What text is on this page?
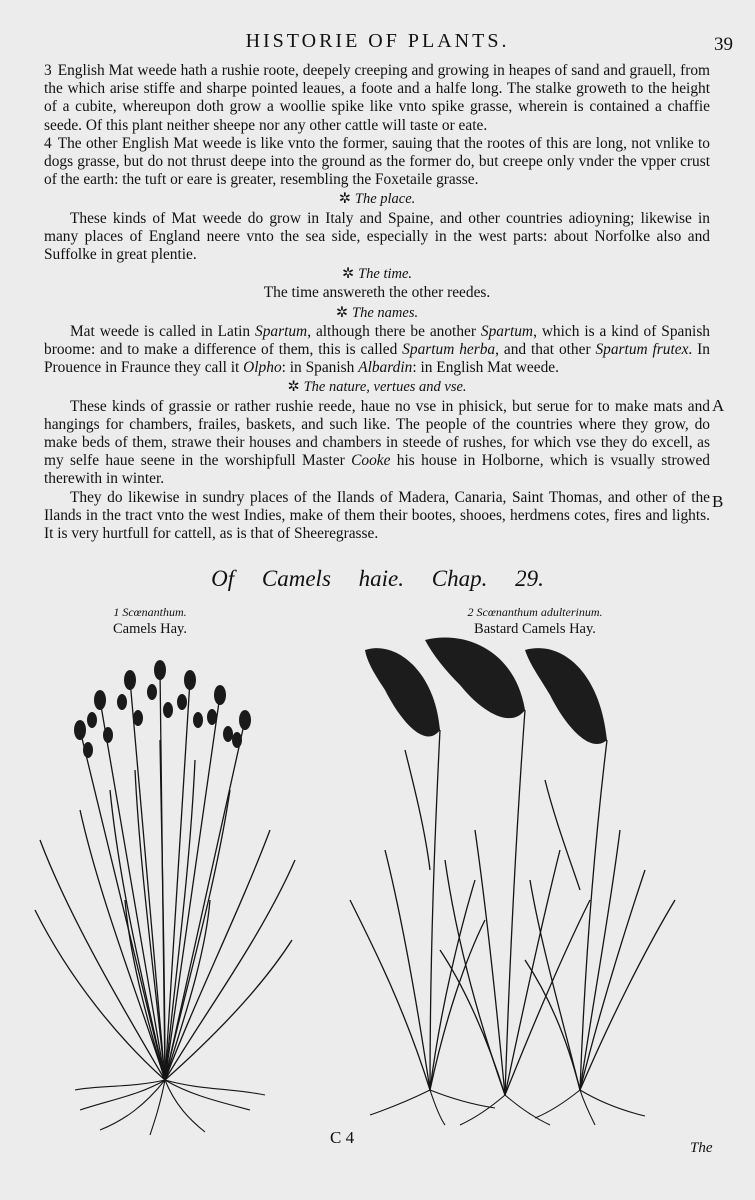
HISTORIE OF PLANTS.	39

3 English Mat weede hath a rushie roote, deepely creeping and growing in heapes of sand and grauell, from the which arise stiffe and sharpe pointed leaues, a foote and a halfe long. The stalke groweth to the height of a cubite, whereupon doth grow a woollie spike like vnto spike grasse, wherein is contained a chaffie seede. Of this plant neither sheepe nor any other cattle will taste or eate.

4 The other English Mat weede is like vnto the former, sauing that the rootes of this are long, not vnlike to dogs grasse, but do not thrust deepe into the ground as the former do, but creepe only vnder the vpper crust of the earth: the tuft or eare is greater, resembling the Foxetaile grasse.

✲ The place.

These kinds of Mat weede do grow in Italy and Spaine, and other countries adioyning; likewise in many places of England neere vnto the sea side, especially in the west parts: about Norfolke also and Suffolke in great plentie.

✲ The time.

The time answereth the other reedes.

✲ The names.

Mat weede is called in Latin Spartum, although there be another Spartum, which is a kind of Spanish broome: and to make a difference of them, this is called Spartum herba, and that other Spartum frutex. In Prouence in Fraunce they call it Olpho: in Spanish Albardin: in English Mat weede.

✲ The nature, vertues and vse.

These kinds of grassie or rather rushie reede, haue no vse in phisick, but serue for to make mats and hangings for chambers, frailes, baskets, and such like. The people of the countries where they grow, do make beds of them, strawe their houses and chambers in steede of rushes, for which vse they do excell, as my selfe haue seene in the worshipfull Master Cooke his house in Holborne, which is vsually strowed therewith in winter.

They do likewise in sundry places of the Ilands of Madera, Canaria, Saint Thomas, and other of the Ilands in the tract vnto the west Indies, make of them their bootes, shooes, herdmens cotes, fires and lights. It is very hurtfull for cattell, as is that of Sheeregrasse.

A
B
Of Camels haie. Chap. 29.
1 Scœnanthum.
Camels Hay.
2 Scœnanthum adulterinum.
Bastard Camels Hay.
C 4
The
